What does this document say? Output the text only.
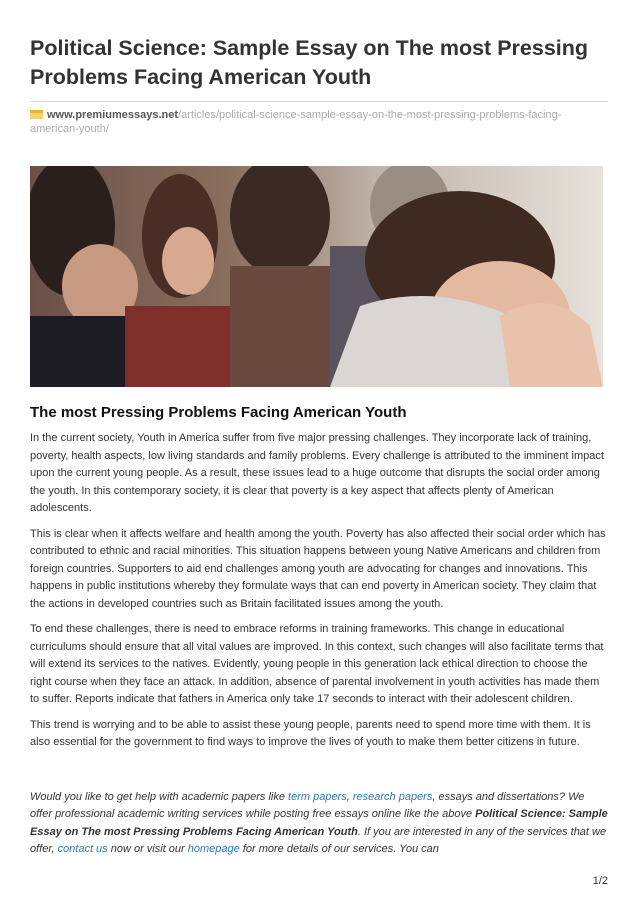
Political Science: Sample Essay on The most Pressing
Problems Facing American Youth
www.premiumessays.net/articles/political-science-sample-essay-on-the-most-pressing-problems-facing-american-youth/
The most Pressing Problems Facing American Youth

In the current society, Youth in America suffer from five major pressing challenges. They incorporate lack of training, poverty, health aspects, low living standards and family problems. Every challenge is attributed to the imminent impact upon the current young people. As a result, these issues lead to a huge outcome that disrupts the social order among the youth. In this contemporary society, it is clear that poverty is a key aspect that affects plenty of American adolescents.

This is clear when it affects welfare and health among the youth. Poverty has also affected their social order which has contributed to ethnic and racial minorities. This situation happens between young Native Americans and children from foreign countries. Supporters to aid end challenges among youth are advocating for changes and innovations. This happens in public institutions whereby they formulate ways that can end poverty in American society. They claim that the actions in developed countries such as Britain facilitated issues among the youth.

To end these challenges, there is need to embrace reforms in training frameworks. This change in educational curriculums should ensure that all vital values are improved. In this context, such changes will also facilitate terms that will extend its services to the natives. Evidently, young people in this generation lack ethical direction to choose the right course when they face an attack. In addition, absence of parental involvement in youth activities has made them to suffer. Reports indicate that fathers in America only take 17 seconds to interact with their adolescent children.

This trend is worrying and to be able to assist these young people, parents need to spend more time with them. It is also essential for the government to find ways to improve the lives of youth to make them better citizens in future.

Would you like to get help with academic papers like term papers, research papers, essays and dissertations? We offer professional academic writing services while posting free essays online like the above Political Science: Sample Essay on The most Pressing Problems Facing American Youth. If you are interested in any of the services that we offer, contact us now or visit our homepage for more details of our services. You can

1/2
